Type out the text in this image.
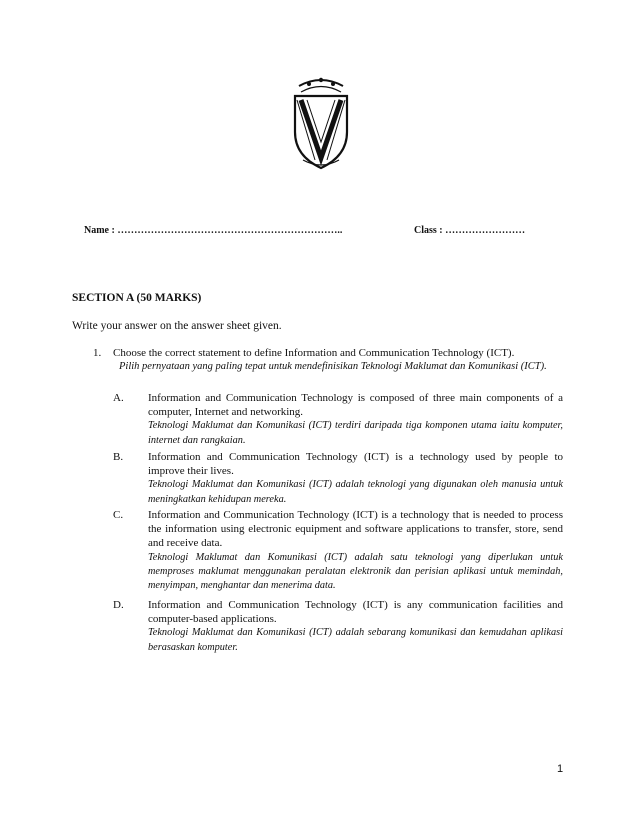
Name : …………………………………………………………..	Class : ……………………
SECTION A (50 MARKS)
Write your answer on the answer sheet given.
1. Choose the correct statement to define Information and Communication Technology (ICT).
Pilih pernyataan yang paling tepat untuk mendefinisikan Teknologi Maklumat dan Komunikasi (ICT).
A. Information and Communication Technology is composed of three main components of a computer, Internet and networking.
Teknologi Maklumat dan Komunikasi (ICT) terdiri daripada tiga komponen utama iaitu komputer, internet dan rangkaian.
B. Information and Communication Technology (ICT) is a technology used by people to improve their lives.
Teknologi Maklumat dan Komunikasi (ICT) adalah teknologi yang digunakan oleh manusia untuk meningkatkan kehidupan mereka.
C. Information and Communication Technology (ICT) is a technology that is needed to process the information using electronic equipment and software applications to transfer, store, send and receive data.
Teknologi Maklumat dan Komunikasi (ICT) adalah satu teknologi yang diperlukan untuk memproses maklumat menggunakan peralatan elektronik dan perisian aplikasi untuk memindah, menyimpan, menghantar dan menerima data.
D. Information and Communication Technology (ICT) is any communication facilities and computer-based applications.
Teknologi Maklumat dan Komunikasi (ICT) adalah sebarang komunikasi dan kemudahan aplikasi berasaskan komputer.
1
